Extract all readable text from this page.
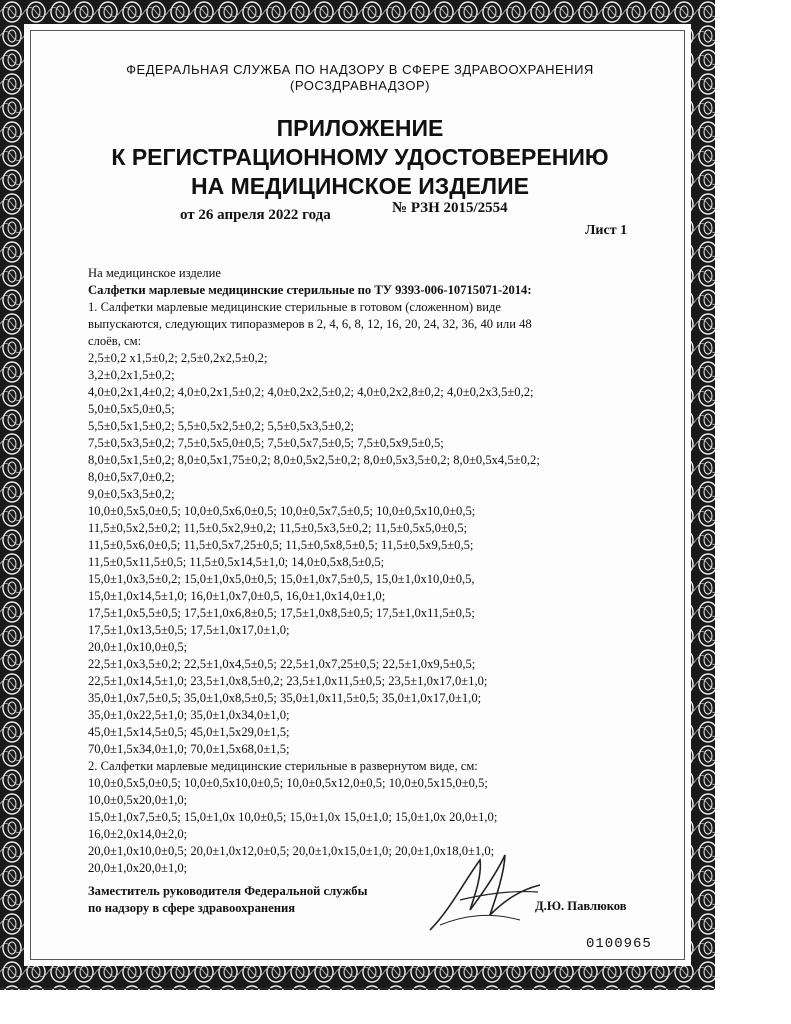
ФЕДЕРАЛЬНАЯ СЛУЖБА ПО НАДЗОРУ В СФЕРЕ ЗДРАВООХРАНЕНИЯ
(РОСЗДРАВНАДЗОР)
ПРИЛОЖЕНИЕ
К РЕГИСТРАЦИОННОМУ УДОСТОВЕРЕНИЮ
НА МЕДИЦИНСКОЕ ИЗДЕЛИЕ
от 26 апреля 2022 года	№ РЗН 2015/2554
Лист 1
На медицинское изделие
Салфетки марлевые медицинские стерильные по ТУ 9393-006-10715071-2014:
1. Салфетки марлевые медицинские стерильные в готовом (сложенном) виде
выпускаются, следующих типоразмеров в 2, 4, 6, 8, 12, 16, 20, 24, 32, 36, 40 или 48
слоёв, см:
2,5±0,2 х1,5±0,2; 2,5±0,2х2,5±0,2;
3,2±0,2х1,5±0,2;
4,0±0,2х1,4±0,2; 4,0±0,2х1,5±0,2; 4,0±0,2х2,5±0,2; 4,0±0,2х2,8±0,2; 4,0±0,2х3,5±0,2;
5,0±0,5х5,0±0,5;
5,5±0,5х1,5±0,2; 5,5±0,5х2,5±0,2; 5,5±0,5х3,5±0,2;
7,5±0,5х3,5±0,2; 7,5±0,5х5,0±0,5; 7,5±0,5х7,5±0,5; 7,5±0,5х9,5±0,5;
8,0±0,5х1,5±0,2; 8,0±0,5х1,75±0,2; 8,0±0,5х2,5±0,2; 8,0±0,5х3,5±0,2; 8,0±0,5х4,5±0,2;
8,0±0,5х7,0±0,2;
9,0±0,5х3,5±0,2;
10,0±0,5х5,0±0,5; 10,0±0,5х6,0±0,5; 10,0±0,5х7,5±0,5; 10,0±0,5х10,0±0,5;
11,5±0,5х2,5±0,2; 11,5±0,5х2,9±0,2; 11,5±0,5х3,5±0,2; 11,5±0,5х5,0±0,5;
11,5±0,5х6,0±0,5; 11,5±0,5х7,25±0,5; 11,5±0,5х8,5±0,5; 11,5±0,5х9,5±0,5;
11,5±0,5х11,5±0,5; 11,5±0,5х14,5±1,0; 14,0±0,5х8,5±0,5;
15,0±1,0х3,5±0,2; 15,0±1,0х5,0±0,5; 15,0±1,0х7,5±0,5, 15,0±1,0х10,0±0,5,
15,0±1,0х14,5±1,0; 16,0±1,0х7,0±0,5, 16,0±1,0х14,0±1,0;
17,5±1,0х5,5±0,5; 17,5±1,0х6,8±0,5; 17,5±1,0х8,5±0,5; 17,5±1,0х11,5±0,5;
17,5±1,0х13,5±0,5; 17,5±1,0х17,0±1,0;
20,0±1,0х10,0±0,5;
22,5±1,0х3,5±0,2; 22,5±1,0х4,5±0,5; 22,5±1,0х7,25±0,5; 22,5±1,0х9,5±0,5;
22,5±1,0х14,5±1,0; 23,5±1,0х8,5±0,2; 23,5±1,0х11,5±0,5; 23,5±1,0х17,0±1,0;
35,0±1,0х7,5±0,5; 35,0±1,0х8,5±0,5; 35,0±1,0х11,5±0,5; 35,0±1,0х17,0±1,0;
35,0±1,0х22,5±1,0; 35,0±1,0х34,0±1,0;
45,0±1,5х14,5±0,5; 45,0±1,5х29,0±1,5;
70,0±1,5х34,0±1,0; 70,0±1,5х68,0±1,5;
2. Салфетки марлевые медицинские стерильные в развернутом виде, см:
10,0±0,5х5,0±0,5; 10,0±0,5х10,0±0,5; 10,0±0,5х12,0±0,5; 10,0±0,5х15,0±0,5;
10,0±0,5х20,0±1,0;
15,0±1,0х7,5±0,5; 15,0±1,0х 10,0±0,5; 15,0±1,0х 15,0±1,0; 15,0±1,0х 20,0±1,0;
16,0±2,0х14,0±2,0;
20,0±1,0х10,0±0,5; 20,0±1,0х12,0±0,5; 20,0±1,0х15,0±1,0; 20,0±1,0х18,0±1,0;
20,0±1,0х20,0±1,0;
Заместитель руководителя Федеральной службы
по надзору в сфере здравоохранения	Д.Ю. Павлюков
0100965
